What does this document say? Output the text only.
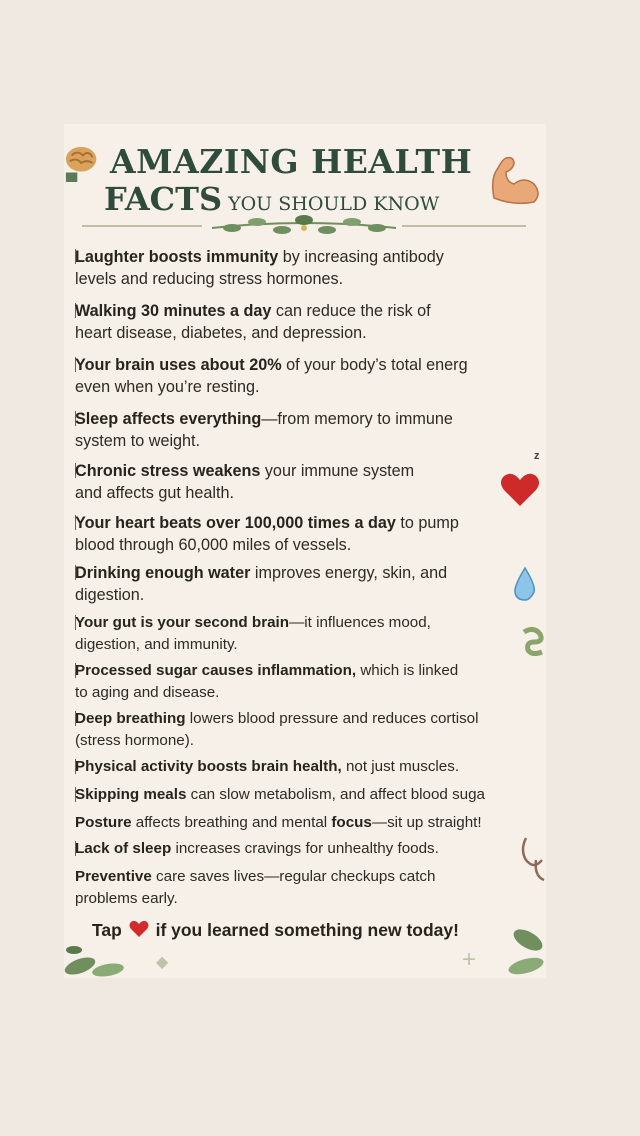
AMAZING HEALTH
FACTS YOU SHOULD KNOW
Laughter boosts immunity by increasing antibody
levels and reducing stress hormones.
Walking 30 minutes a day can reduce the risk of
heart disease, diabetes, and depression.
Your brain uses about 20% of your body’s total energ
even when you’re resting.
Sleep affects everything—from memory to immune
system to weight.
Chronic stress weakens your immune system
and affects gut health.
Your heart beats over 100,000 times a day to pump
blood through 60,000 miles of vessels.
Drinking enough water improves energy, skin, and
digestion.
Your gut is your second brain—it influences mood,
digestion, and immunity.
Processed sugar causes inflammation, which is linked
to aging and disease.
Deep breathing lowers blood pressure and reduces cortisol
(stress hormone).
Physical activity boosts brain health, not just muscles.
Skipping meals can slow metabolism, and affect blood suga
Posture affects breathing and mental focus—sit up straight!
Lack of sleep increases cravings for unhealthy foods.
Preventive care saves lives—regular checkups catch
problems early.
Tap if you learned something new today!
z
+
◆
